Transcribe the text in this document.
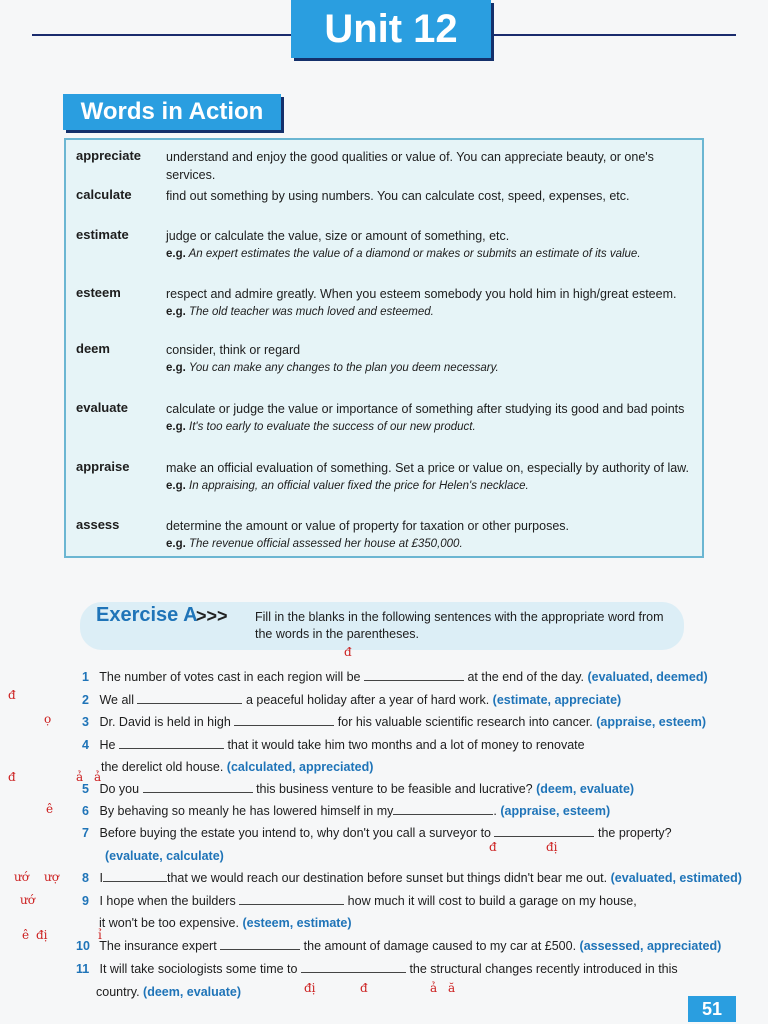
Unit 12
Words in Action
appreciate	understand and enjoy the good qualities or value of. You can appreciate beauty, or one's services.
calculate	find out something by using numbers. You can calculate cost, speed, expenses, etc.
estimate	judge or calculate the value, size or amount of something, etc.
e.g. An expert estimates the value of a diamond or makes or submits an estimate of its value.
esteem	respect and admire greatly. When you esteem somebody you hold him in high/great esteem.
e.g. The old teacher was much loved and esteemed.
deem	consider, think or regard
e.g. You can make any changes to the plan you deem necessary.
evaluate	calculate or judge the value or importance of something after studying its good and bad points
e.g. It's too early to evaluate the success of our new product.
appraise	make an official evaluation of something. Set a price or value on, especially by authority of law.
e.g. In appraising, an official valuer fixed the price for Helen's necklace.
assess	determine the amount or value of property for taxation or other purposes.
e.g. The revenue official assessed her house at £350,000.
Exercise A
>>> Fill in the blanks in the following sentences with the appropriate word from the words in the parentheses.
1 The number of votes cast in each region will be	at the end of the day. (evaluated, deemed)
2 We all	a peaceful holiday after a year of hard work. (estimate, appreciate)
3 Dr. David is held in high	for his valuable scientific research into cancer. (appraise, esteem)
4 He	that it would take him two months and a lot of money to renovate
the derelict old house. (calculated, appreciated)
5 Do you	this business venture to be feasible and lucrative? (deem, evaluate)
6 By behaving so meanly he has lowered himself in my	. (appraise, esteem)
7 Before buying the estate you intend to, why don't you call a surveyor to	the property?
(evaluate, calculate)
8 I	that we would reach our destination before sunset but things didn't bear me out. (evaluated, estimated)
9 I hope when the builders	how much it will cost to build a garage on my house,
it won't be too expensive. (esteem, estimate)
10 The insurance expert	the amount of damage caused to my car at £500. (assessed, appreciated)
11 It will take sociologists some time to	the structural changes recently introduced in this
country. (deem, evaluate)
đ
đ
ọ
đ	ả ả
ê
đ	đị
ướ ượ
ướ
ê đị	ỉ
đị	đ	ả ă
51
